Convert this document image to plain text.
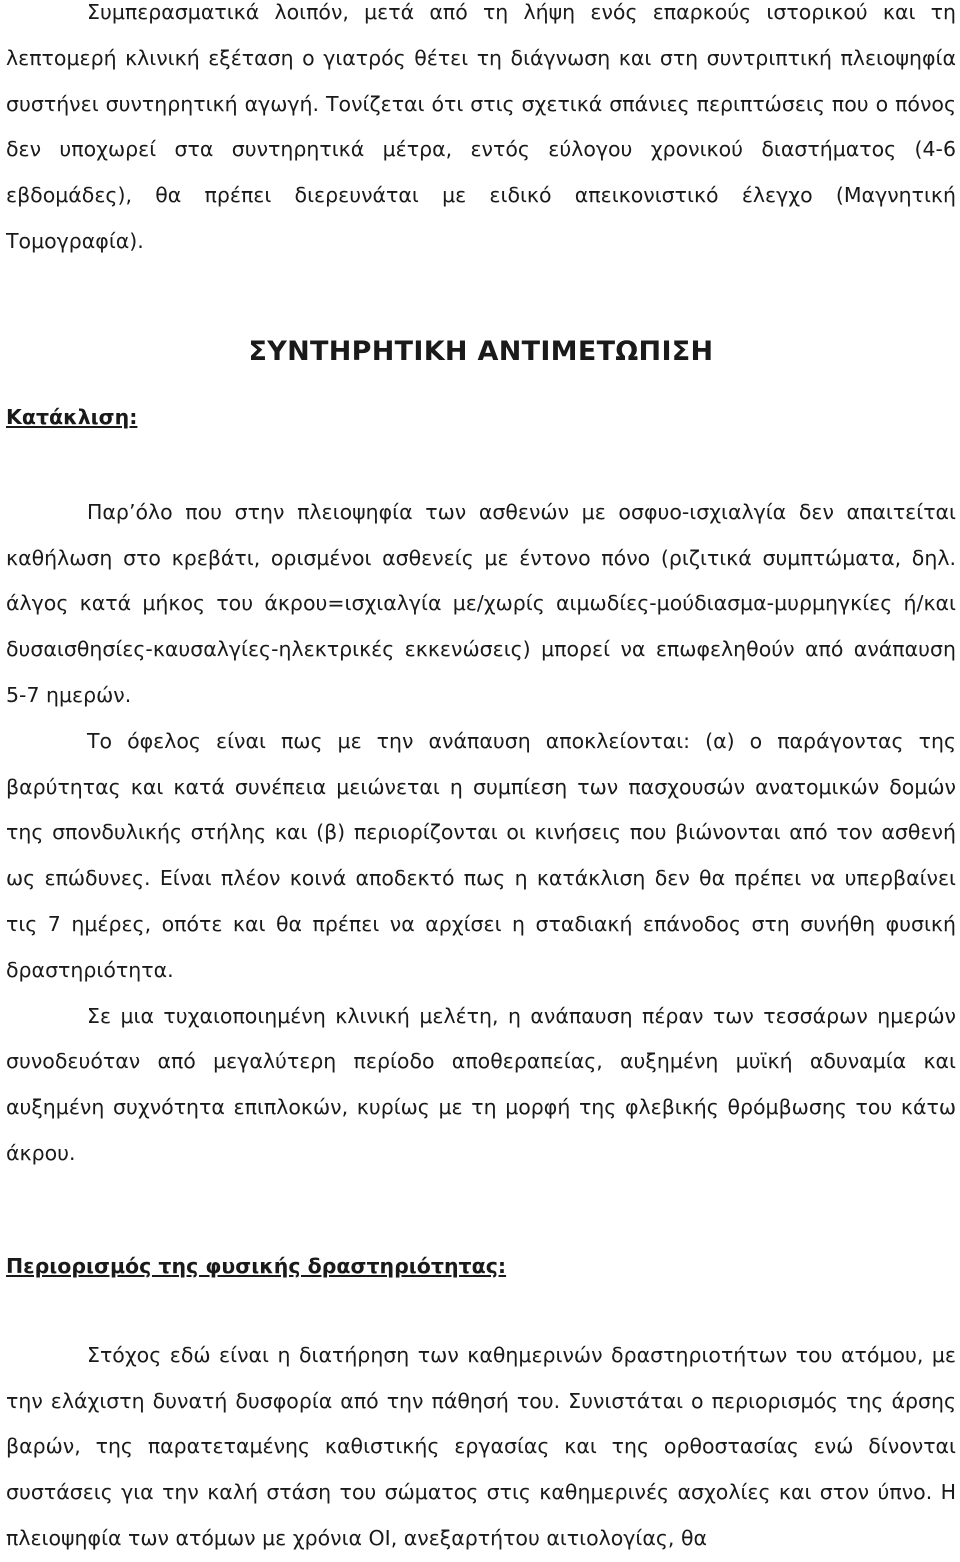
Συμπερασματικά λοιπόν, μετά από τη λήψη ενός επαρκούς ιστορικού και τη λεπτομερή κλινική εξέταση ο γιατρός θέτει τη διάγνωση και στη συντριπτική πλειοψηφία συστήνει συντηρητική αγωγή. Τονίζεται ότι στις σχετικά σπάνιες περιπτώσεις που ο πόνος δεν υποχωρεί στα συντηρητικά μέτρα, εντός εύλογου χρονικού διαστήματος (4-6 εβδομάδες), θα πρέπει διερευνάται με ειδικό απεικονιστικό έλεγχο (Μαγνητική Τομογραφία).

ΣΥΝΤΗΡΗΤΙΚΗ ΑΝΤΙΜΕΤΩΠΙΣΗ
Κατάκλιση:

Παρ’όλο που στην πλειοψηφία των ασθενών με οσφυο-ισχιαλγία δεν απαιτείται καθήλωση στο κρεβάτι, ορισμένοι ασθενείς με έντονο πόνο (ριζιτικά συμπτώματα, δηλ. άλγος κατά μήκος του άκρου=ισχιαλγία με/χωρίς αιμωδίες-μούδιασμα-μυρμηγκίες ή/και δυσαισθησίες-καυσαλγίες-ηλεκτρικές εκκενώσεις) μπορεί να επωφεληθούν από ανάπαυση 5-7 ημερών.

Το όφελος είναι πως με την ανάπαυση αποκλείονται: (α) ο παράγοντας της βαρύτητας και κατά συνέπεια μειώνεται η συμπίεση των πασχουσών ανατομικών δομών της σπονδυλικής στήλης και (β) περιορίζονται οι κινήσεις που βιώνονται από τον ασθενή ως επώδυνες. Είναι πλέον κοινά αποδεκτό πως η κατάκλιση δεν θα πρέπει να υπερβαίνει τις 7 ημέρες, οπότε και θα πρέπει να αρχίσει η σταδιακή επάνοδος στη συνήθη φυσική δραστηριότητα.

Σε μια τυχαιοποιημένη κλινική μελέτη, η ανάπαυση πέραν των τεσσάρων ημερών συνοδευόταν από μεγαλύτερη περίοδο αποθεραπείας, αυξημένη μυϊκή αδυναμία και αυξημένη συχνότητα επιπλοκών, κυρίως με τη μορφή της φλεβικής θρόμβωσης του κάτω άκρου.

Περιορισμός της φυσικής δραστηριότητας:

Στόχος εδώ είναι η διατήρηση των καθημερινών δραστηριοτήτων του ατόμου, με την ελάχιστη δυνατή δυσφορία από την πάθησή του. Συνιστάται ο περιορισμός της άρσης βαρών, της παρατεταμένης καθιστικής εργασίας και της ορθοστασίας ενώ δίνονται συστάσεις για την καλή στάση του σώματος στις καθημερινές ασχολίες και στον ύπνο. Η πλειοψηφία των ατόμων με χρόνια ΟΙ, ανεξαρτήτου αιτιολογίας, θα
